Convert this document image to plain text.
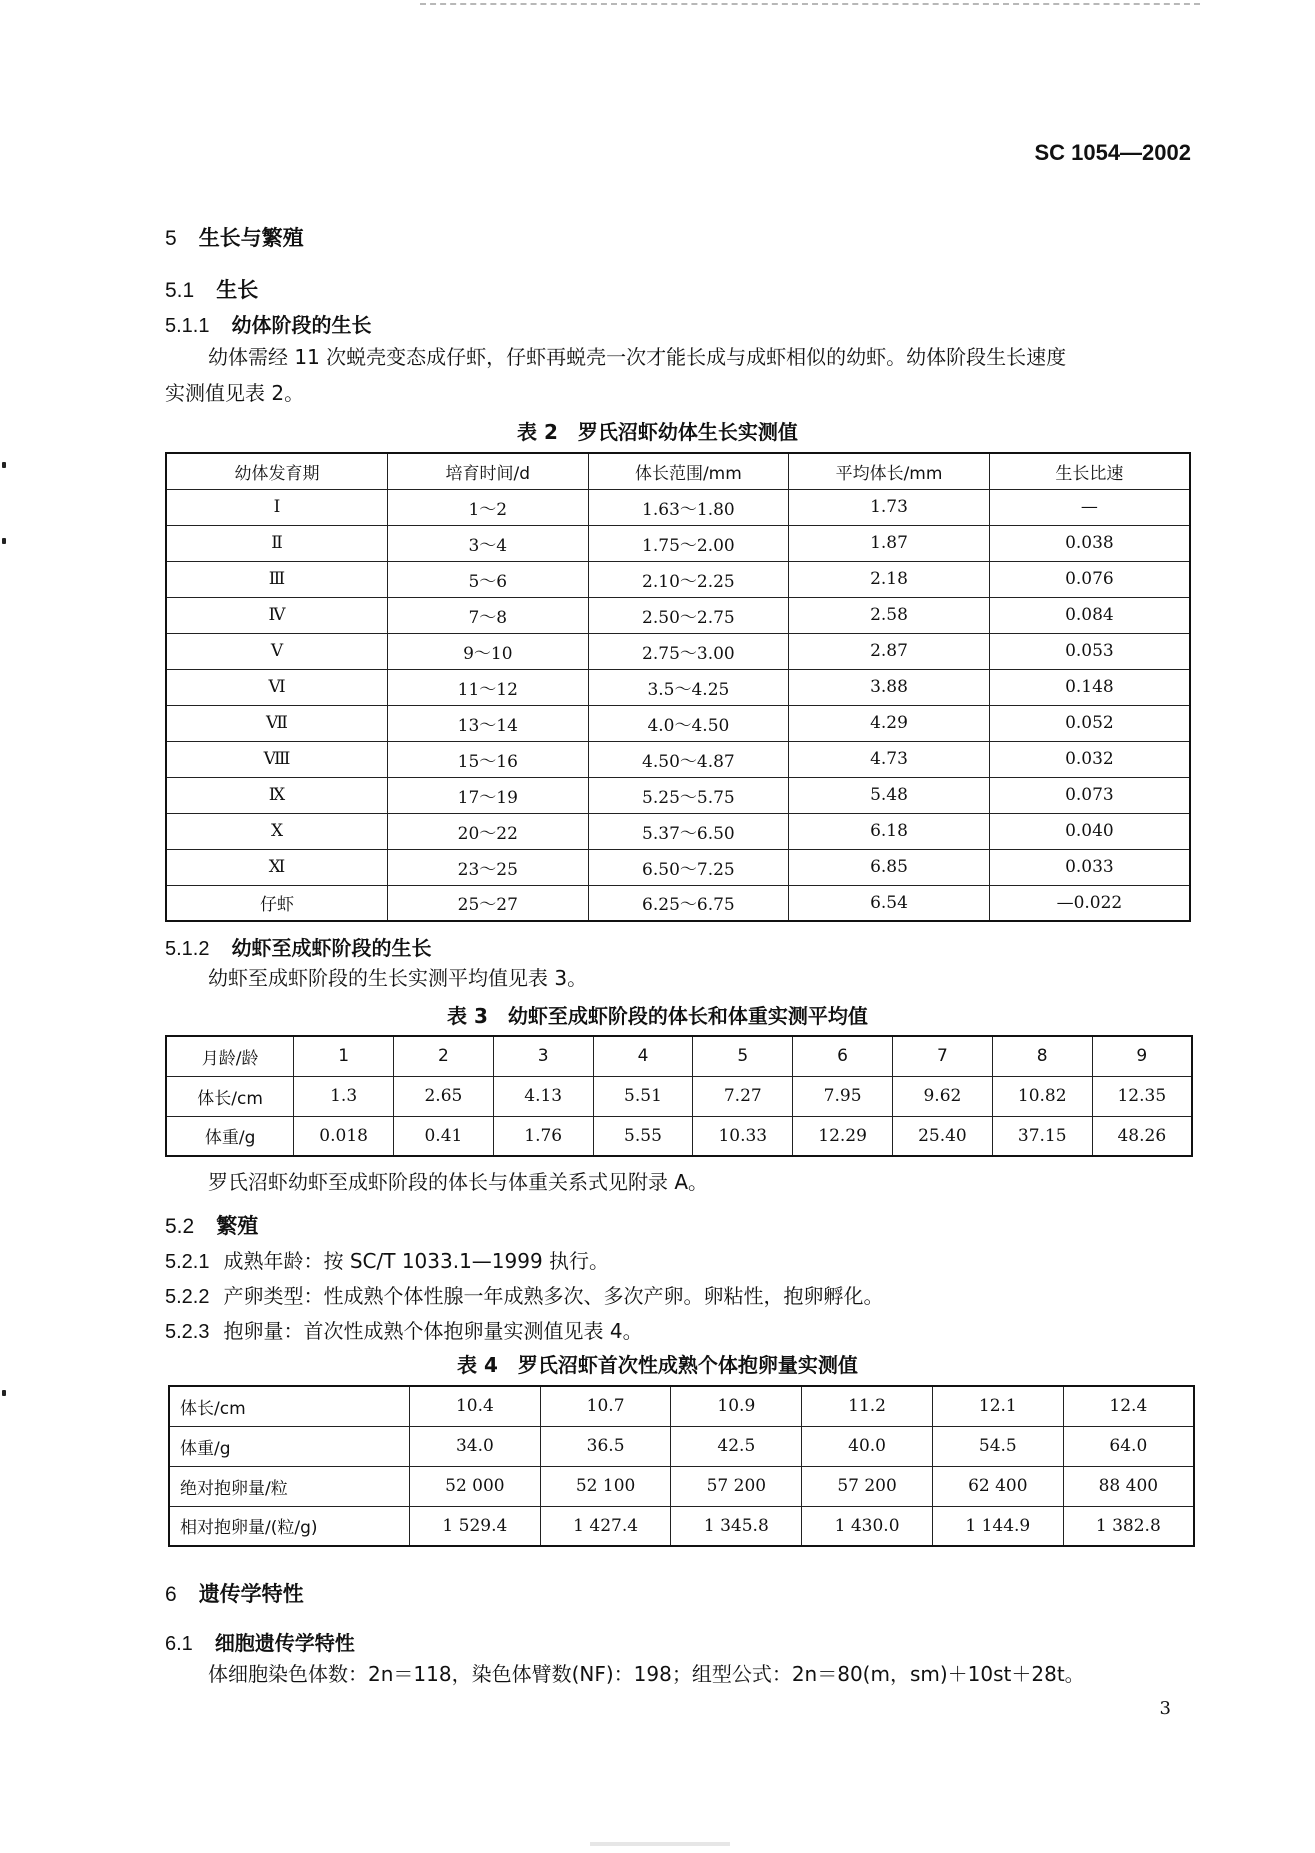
SC 1054—2002
5 生长与繁殖
5.1 生长
5.1.1 幼体阶段的生长

幼体需经 11 次蜕壳变态成仔虾，仔虾再蜕壳一次才能长成与成虾相似的幼虾。幼体阶段生长速度

实测值见表 2。

表 2　罗氏沼虾幼体生长实测值

幼体发育期	培育时间/d	体长范围/mm	平均体长/mm	生长比速
Ⅰ	1～2	1.63～1.80	1.73	—
Ⅱ	3～4	1.75～2.00	1.87	0.038
Ⅲ	5～6	2.10～2.25	2.18	0.076
Ⅳ	7～8	2.50～2.75	2.58	0.084
Ⅴ	9～10	2.75～3.00	2.87	0.053
Ⅵ	11～12	3.5～4.25	3.88	0.148
Ⅶ	13～14	4.0～4.50	4.29	0.052
Ⅷ	15～16	4.50～4.87	4.73	0.032
Ⅸ	17～19	5.25～5.75	5.48	0.073
Ⅹ	20～22	5.37～6.50	6.18	0.040
Ⅺ	23～25	6.50～7.25	6.85	0.033
仔虾	25～27	6.25～6.75	6.54	—0.022
5.1.2 幼虾至成虾阶段的生长

幼虾至成虾阶段的生长实测平均值见表 3。

表 3　幼虾至成虾阶段的体长和体重实测平均值

月龄/龄	1	2	3	4	5	6	7	8	9
体长/cm	1.3	2.65	4.13	5.51	7.27	7.95	9.62	10.82	12.35
体重/g	0.018	0.41	1.76	5.55	10.33	12.29	25.40	37.15	48.26

罗氏沼虾幼虾至成虾阶段的体长与体重关系式见附录 A。

5.2 繁殖

5.2.1 成熟年龄：按 SC/T 1033.1—1999 执行。

5.2.2 产卵类型：性成熟个体性腺一年成熟多次、多次产卵。卵粘性，抱卵孵化。

5.2.3 抱卵量：首次性成熟个体抱卵量实测值见表 4。

表 4　罗氏沼虾首次性成熟个体抱卵量实测值

体长/cm	10.4	10.7	10.9	11.2	12.1	12.4
体重/g	34.0	36.5	42.5	40.0	54.5	64.0
绝对抱卵量/粒	52 000	52 100	57 200	57 200	62 400	88 400
相对抱卵量/(粒/g)	1 529.4	1 427.4	1 345.8	1 430.0	1 144.9	1 382.8
6 遗传学特性
6.1 细胞遗传学特性

体细胞染色体数：2n＝118，染色体臂数(NF)：198；组型公式：2n＝80(m，sm)＋10st＋28t。

3
